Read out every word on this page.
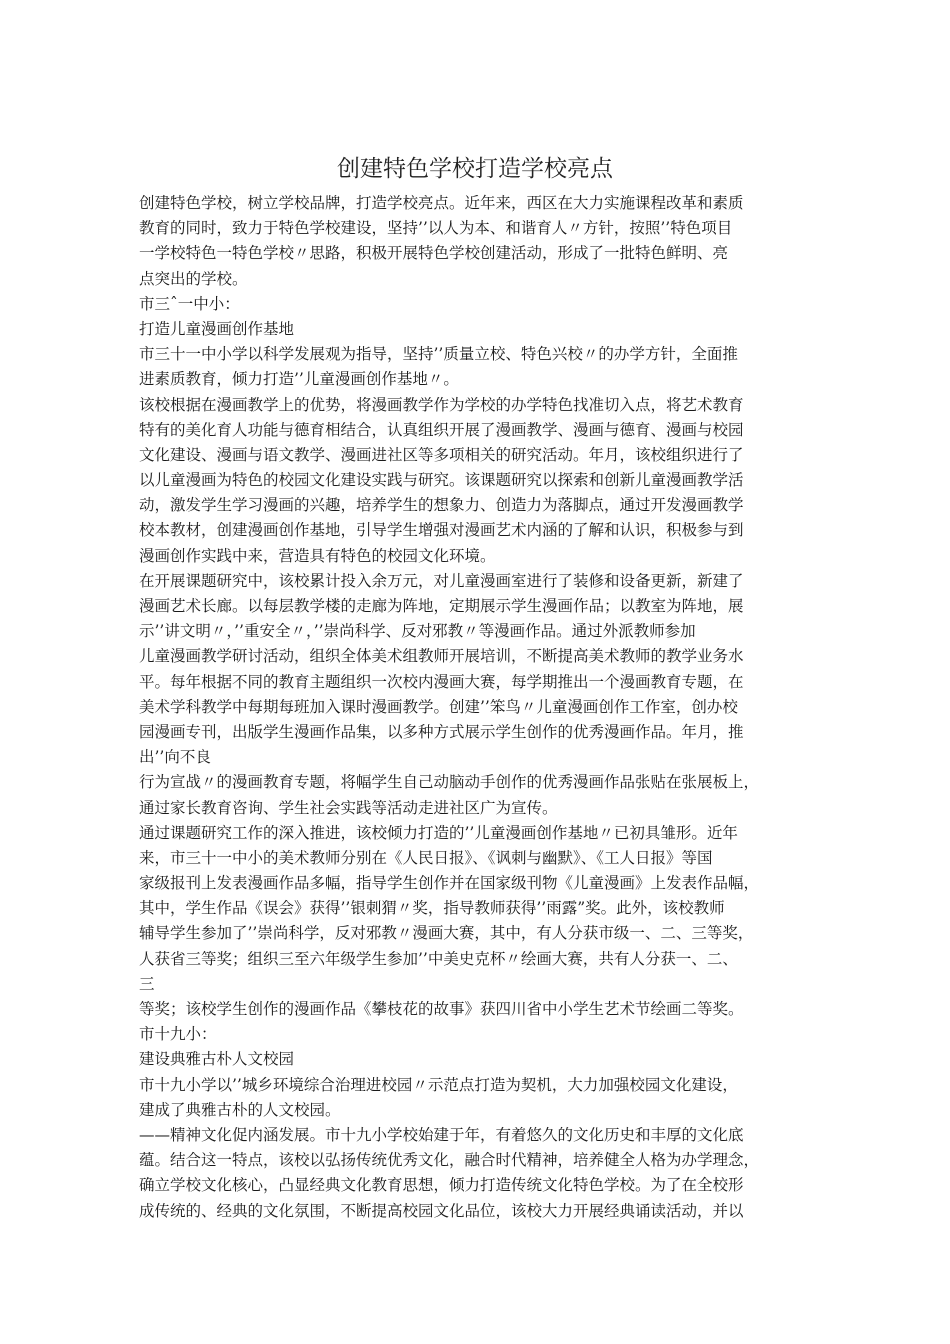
创建特色学校打造学校亮点
创建特色学校，树立学校品牌，打造学校亮点。近年来，西区在大力实施课程改革和素质
教育的同时，致力于特色学校建设，坚持’’以人为本、和谐育人〃方针，按照’’特色项目
一学校特色一特色学校〃思路，积极开展特色学校创建活动，形成了一批特色鲜明、亮
点突出的学校。
市三ˆ一中小：
打造儿童漫画创作基地
市三十一中小学以科学发展观为指导，坚持’’质量立校、特色兴校〃的办学方针，全面推
进素质教育，倾力打造’’儿童漫画创作基地〃。
该校根据在漫画教学上的优势，将漫画教学作为学校的办学特色找准切入点，将艺术教育
特有的美化育人功能与德育相结合，认真组织开展了漫画教学、漫画与德育、漫画与校园
文化建设、漫画与语文教学、漫画进社区等多项相关的研究活动。年月，该校组织进行了
以儿童漫画为特色的校园文化建设实践与研究。该课题研究以探索和创新儿童漫画教学活
动，激发学生学习漫画的兴趣，培养学生的想象力、创造力为落脚点，通过开发漫画教学
校本教材，创建漫画创作基地，引导学生增强对漫画艺术内涵的了解和认识，积极参与到
漫画创作实践中来，营造具有特色的校园文化环境。
在开展课题研究中，该校累计投入余万元，对儿童漫画室进行了装修和设备更新，新建了
漫画艺术长廊。以每层教学楼的走廊为阵地，定期展示学生漫画作品；以教室为阵地，展
示’’讲文明〃，’’重安全〃，’’崇尚科学、反对邪教〃等漫画作品。通过外派教师参加
儿童漫画教学研讨活动，组织全体美术组教师开展培训，不断提高美术教师的教学业务水
平。每年根据不同的教育主题组织一次校内漫画大赛，每学期推出一个漫画教育专题，在
美术学科教学中每期每班加入课时漫画教学。创建’’笨鸟〃儿童漫画创作工作室，创办校
园漫画专刊，出版学生漫画作品集，以多种方式展示学生创作的优秀漫画作品。年月，推
出’’向不良
行为宣战〃的漫画教育专题，将幅学生自己动脑动手创作的优秀漫画作品张贴在张展板上，
通过家长教育咨询、学生社会实践等活动走进社区广为宣传。
通过课题研究工作的深入推进，该校倾力打造的’’儿童漫画创作基地〃已初具雏形。近年
来，市三十一中小的美术教师分别在《人民日报》、《讽刺与幽默》、《工人日报》等国
家级报刊上发表漫画作品多幅，指导学生创作并在国家级刊物《儿童漫画》上发表作品幅，
其中，学生作品《误会》获得’’银刺猬〃奖，指导教师获得’’雨露”奖。此外，该校教师
辅导学生参加了’’崇尚科学，反对邪教〃漫画大赛，其中，有人分获市级一、二、三等奖，
人获省三等奖；组织三至六年级学生参加’’中美史克杯〃绘画大赛，共有人分获一、二、
三
等奖；该校学生创作的漫画作品《攀枝花的故事》获四川省中小学生艺术节绘画二等奖。
市十九小：
建设典雅古朴人文校园
市十九小学以’’城乡环境综合治理进校园〃示范点打造为契机，大力加强校园文化建设，
建成了典雅古朴的人文校园。
——精神文化促内涵发展。市十九小学校始建于年，有着悠久的文化历史和丰厚的文化底
蕴。结合这一特点，该校以弘扬传统优秀文化，融合时代精神，培养健全人格为办学理念，
确立学校文化核心，凸显经典文化教育思想，倾力打造传统文化特色学校。为了在全校形
成传统的、经典的文化氛围，不断提高校园文化品位，该校大力开展经典诵读活动，并以
